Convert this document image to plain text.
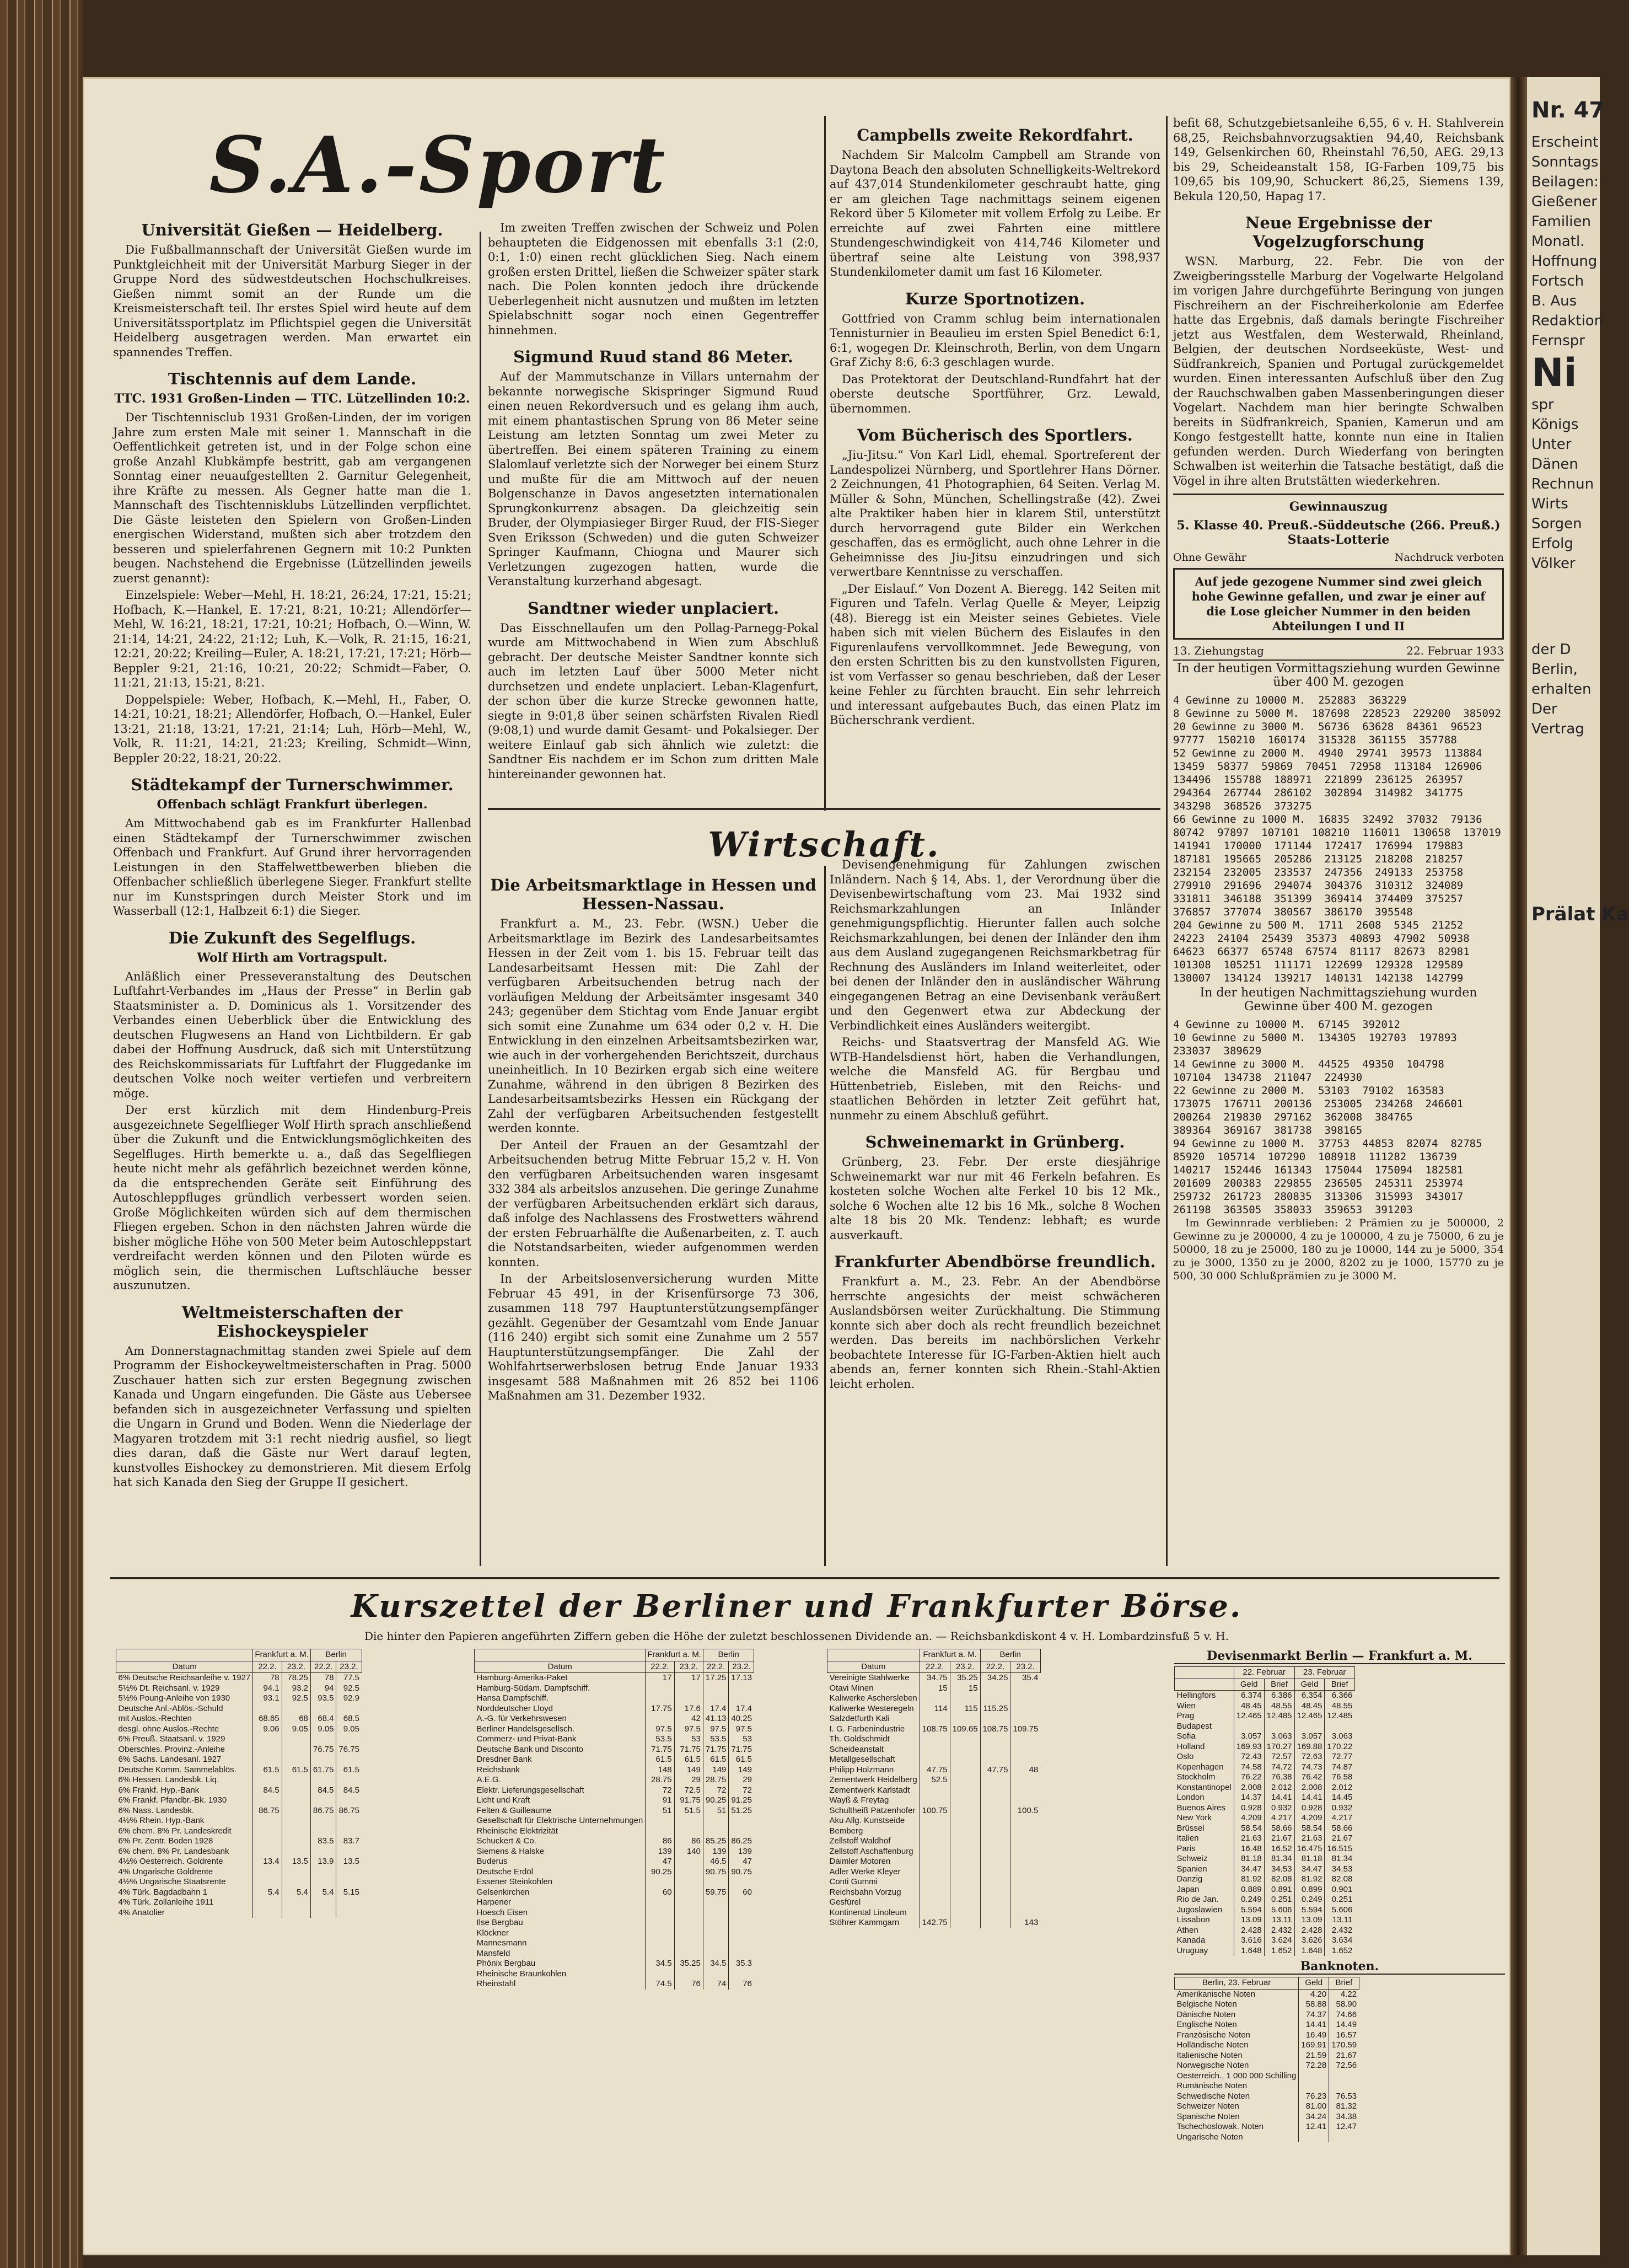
S.A.-Sport
Universität Gießen — Heidelberg.

Die Fußballmannschaft der Universität Gießen wurde im Punktgleichheit mit der Universität Marburg Sieger in der Gruppe Nord des südwestdeutschen Hochschulkreises. Gießen nimmt somit an der Runde um die Kreismeisterschaft teil. Ihr erstes Spiel wird heute auf dem Universitätssportplatz im Pflichtspiel gegen die Universität Heidelberg ausgetragen werden. Man erwartet ein spannendes Treffen.

Tischtennis auf dem Lande.
TTC. 1931 Großen-Linden — TTC. Lützellinden 10:2.

Der Tischtennisclub 1931 Großen-Linden, der im vorigen Jahre zum ersten Male mit seiner 1. Mannschaft in die Oeffentlichkeit getreten ist, und in der Folge schon eine große Anzahl Klubkämpfe bestritt, gab am vergangenen Sonntag einer neuaufgestellten 2. Garnitur Gelegenheit, ihre Kräfte zu messen. Als Gegner hatte man die 1. Mannschaft des Tischtennisklubs Lützellinden verpflichtet. Die Gäste leisteten den Spielern von Großen-Linden energischen Widerstand, mußten sich aber trotzdem den besseren und spielerfahrenen Gegnern mit 10:2 Punkten beugen. Nachstehend die Ergebnisse (Lützellinden jeweils zuerst genannt):

Einzelspiele: Weber—Mehl, H. 18:21, 26:24, 17:21, 15:21; Hofbach, K.—Hankel, E. 17:21, 8:21, 10:21; Allendörfer—Mehl, W. 16:21, 18:21, 17:21, 10:21; Hofbach, O.—Winn, W. 21:14, 14:21, 24:22, 21:12; Luh, K.—Volk, R. 21:15, 16:21, 12:21, 20:22; Kreiling—Euler, A. 18:21, 17:21, 17:21; Hörb—Beppler 9:21, 21:16, 10:21, 20:22; Schmidt—Faber, O. 11:21, 21:13, 15:21, 8:21.

Doppelspiele: Weber, Hofbach, K.—Mehl, H., Faber, O. 14:21, 10:21, 18:21; Allendörfer, Hofbach, O.—Hankel, Euler 13:21, 21:18, 13:21, 17:21, 21:14; Luh, Hörb—Mehl, W., Volk, R. 11:21, 14:21, 21:23; Kreiling, Schmidt—Winn, Beppler 20:22, 18:21, 20:22.

Städtekampf der Turnerschwimmer.
Offenbach schlägt Frankfurt überlegen.

Am Mittwochabend gab es im Frankfurter Hallenbad einen Städtekampf der Turnerschwimmer zwischen Offenbach und Frankfurt. Auf Grund ihrer hervorragenden Leistungen in den Staffelwettbewerben blieben die Offenbacher schließlich überlegene Sieger. Frankfurt stellte nur im Kunstspringen durch Meister Stork und im Wasserball (12:1, Halbzeit 6:1) die Sieger.

Die Zukunft des Segelflugs.
Wolf Hirth am Vortragspult.

Anläßlich einer Presseveranstaltung des Deutschen Luftfahrt-Verbandes im „Haus der Presse“ in Berlin gab Staatsminister a. D. Dominicus als 1. Vorsitzender des Verbandes einen Ueberblick über die Entwicklung des deutschen Flugwesens an Hand von Lichtbildern. Er gab dabei der Hoffnung Ausdruck, daß sich mit Unterstützung des Reichskommissariats für Luftfahrt der Fluggedanke im deutschen Volke noch weiter vertiefen und verbreitern möge.

Der erst kürzlich mit dem Hindenburg-Preis ausgezeichnete Segelflieger Wolf Hirth sprach anschließend über die Zukunft und die Entwicklungsmöglichkeiten des Segelfluges. Hirth bemerkte u. a., daß das Segelfliegen heute nicht mehr als gefährlich bezeichnet werden könne, da die entsprechenden Geräte seit Einführung des Autoschleppfluges gründlich verbessert worden seien. Große Möglichkeiten würden sich auf dem thermischen Fliegen ergeben. Schon in den nächsten Jahren würde die bisher mögliche Höhe von 500 Meter beim Autoschleppstart verdreifacht werden können und den Piloten würde es möglich sein, die thermischen Luftschläuche besser auszunutzen.

Weltmeisterschaften der Eishockeyspieler

Am Donnerstagnachmittag standen zwei Spiele auf dem Programm der Eishockeyweltmeisterschaften in Prag. 5000 Zuschauer hatten sich zur ersten Begegnung zwischen Kanada und Ungarn eingefunden. Die Gäste aus Uebersee befanden sich in ausgezeichneter Verfassung und spielten die Ungarn in Grund und Boden. Wenn die Niederlage der Magyaren trotzdem mit 3:1 recht niedrig ausfiel, so liegt dies daran, daß die Gäste nur Wert darauf legten, kunstvolles Eishockey zu demonstrieren. Mit diesem Erfolg hat sich Kanada den Sieg der Gruppe II gesichert.

Im zweiten Treffen zwischen der Schweiz und Polen behaupteten die Eidgenossen mit ebenfalls 3:1 (2:0, 0:1, 1:0) einen recht glücklichen Sieg. Nach einem großen ersten Drittel, ließen die Schweizer später stark nach. Die Polen konnten jedoch ihre drückende Ueberlegenheit nicht ausnutzen und mußten im letzten Spielabschnitt sogar noch einen Gegentreffer hinnehmen.

Sigmund Ruud stand 86 Meter.

Auf der Mammutschanze in Villars unternahm der bekannte norwegische Skispringer Sigmund Ruud einen neuen Rekordversuch und es gelang ihm auch, mit einem phantastischen Sprung von 86 Meter seine Leistung am letzten Sonntag um zwei Meter zu übertreffen. Bei einem späteren Training zu einem Slalomlauf verletzte sich der Norweger bei einem Sturz und mußte für die am Mittwoch auf der neuen Bolgenschanze in Davos angesetzten internationalen Sprungkonkurrenz absagen. Da gleichzeitig sein Bruder, der Olympiasieger Birger Ruud, der FIS-Sieger Sven Eriksson (Schweden) und die guten Schweizer Springer Kaufmann, Chiogna und Maurer sich Verletzungen zugezogen hatten, wurde die Veranstaltung kurzerhand abgesagt.

Sandtner wieder unplaciert.

Das Eisschnellaufen um den Pollag-Parnegg-Pokal wurde am Mittwochabend in Wien zum Abschluß gebracht. Der deutsche Meister Sandtner konnte sich auch im letzten Lauf über 5000 Meter nicht durchsetzen und endete unplaciert. Leban-Klagenfurt, der schon über die kurze Strecke gewonnen hatte, siegte in 9:01,8 über seinen schärfsten Rivalen Riedl (9:08,1) und wurde damit Gesamt- und Pokalsieger. Der weitere Einlauf gab sich ähnlich wie zuletzt: die Sandtner Eis nachdem er im Schon zum dritten Male hintereinander gewonnen hat.

Campbells zweite Rekordfahrt.

Nachdem Sir Malcolm Campbell am Strande von Daytona Beach den absoluten Schnelligkeits-Weltrekord auf 437,014 Stundenkilometer geschraubt hatte, ging er am gleichen Tage nachmittags seinem eigenen Rekord über 5 Kilometer mit vollem Erfolg zu Leibe. Er erreichte auf zwei Fahrten eine mittlere Stundengeschwindigkeit von 414,746 Kilometer und übertraf seine alte Leistung von 398,937 Stundenkilometer damit um fast 16 Kilometer.

Kurze Sportnotizen.

Gottfried von Cramm schlug beim internationalen Tennisturnier in Beaulieu im ersten Spiel Benedict 6:1, 6:1, wogegen Dr. Kleinschroth, Berlin, von dem Ungarn Graf Zichy 8:6, 6:3 geschlagen wurde.

Das Protektorat der Deutschland-Rundfahrt hat der oberste deutsche Sportführer, Grz. Lewald, übernommen.

Vom Bücherisch des Sportlers.

„Jiu-Jitsu.“ Von Karl Lidl, ehemal. Sportreferent der Landespolizei Nürnberg, und Sportlehrer Hans Dörner. 2 Zeichnungen, 41 Photographien, 64 Seiten. Verlag M. Müller & Sohn, München, Schellingstraße (42). Zwei alte Praktiker haben hier in klarem Stil, unterstützt durch hervorragend gute Bilder ein Werkchen geschaffen, das es ermöglicht, auch ohne Lehrer in die Geheimnisse des Jiu-Jitsu einzudringen und sich verwertbare Kenntnisse zu verschaffen.

„Der Eislauf.“ Von Dozent A. Bieregg. 142 Seiten mit Figuren und Tafeln. Verlag Quelle & Meyer, Leipzig (48). Bieregg ist ein Meister seines Gebietes. Viele haben sich mit vielen Büchern des Eislaufes in den Figurenlaufens vervollkommnet. Jede Bewegung, von den ersten Schritten bis zu den kunstvollsten Figuren, ist vom Verfasser so genau beschrieben, daß der Leser keine Fehler zu fürchten braucht. Ein sehr lehrreich und interessant aufgebautes Buch, das einen Platz im Bücherschrank verdient.

Wirtschaft.
Die Arbeitsmarktlage in Hessen und Hessen-Nassau.

Frankfurt a. M., 23. Febr. (WSN.) Ueber die Arbeitsmarktlage im Bezirk des Landesarbeitsamtes Hessen in der Zeit vom 1. bis 15. Februar teilt das Landesarbeitsamt Hessen mit: Die Zahl der verfügbaren Arbeitsuchenden betrug nach der vorläufigen Meldung der Arbeitsämter insgesamt 340 243; gegenüber dem Stichtag vom Ende Januar ergibt sich somit eine Zunahme um 634 oder 0,2 v. H. Die Entwicklung in den einzelnen Arbeitsamtsbezirken war, wie auch in der vorhergehenden Berichtszeit, durchaus uneinheitlich. In 10 Bezirken ergab sich eine weitere Zunahme, während in den übrigen 8 Bezirken des Landesarbeitsamtsbezirks Hessen ein Rückgang der Zahl der verfügbaren Arbeitsuchenden festgestellt werden konnte.

Der Anteil der Frauen an der Gesamtzahl der Arbeitsuchenden betrug Mitte Februar 15,2 v. H. Von den verfügbaren Arbeitsuchenden waren insgesamt 332 384 als arbeitslos anzusehen. Die geringe Zunahme der verfügbaren Arbeitsuchenden erklärt sich daraus, daß infolge des Nachlassens des Frostwetters während der ersten Februarhälfte die Außenarbeiten, z. T. auch die Notstandsarbeiten, wieder aufgenommen werden konnten.

In der Arbeitslosenversicherung wurden Mitte Februar 45 491, in der Krisenfürsorge 73 306, zusammen 118 797 Hauptunterstützungsempfänger gezählt. Gegenüber der Gesamtzahl vom Ende Januar (116 240) ergibt sich somit eine Zunahme um 2 557 Hauptunterstützungsempfänger. Die Zahl der Wohlfahrtserwerbslosen betrug Ende Januar 1933 insgesamt 588 Maßnahmen mit 26 852 bei 1106 Maßnahmen am 31. Dezember 1932.

Devisengenehmigung für Zahlungen zwischen Inländern. Nach § 14, Abs. 1, der Verordnung über die Devisenbewirtschaftung vom 23. Mai 1932 sind Reichsmarkzahlungen an Inländer genehmigungspflichtig. Hierunter fallen auch solche Reichsmarkzahlungen, bei denen der Inländer den ihm aus dem Ausland zugegangenen Reichsmarkbetrag für Rechnung des Ausländers im Inland weiterleitet, oder bei denen der Inländer den in ausländischer Währung eingegangenen Betrag an eine Devisenbank veräußert und den Gegenwert etwa zur Abdeckung der Verbindlichkeit eines Ausländers weitergibt.

Reichs- und Staatsvertrag der Mansfeld AG. Wie WTB-Handelsdienst hört, haben die Verhandlungen, welche die Mansfeld AG. für Bergbau und Hüttenbetrieb, Eisleben, mit den Reichs- und staatlichen Behörden in letzter Zeit geführt hat, nunmehr zu einem Abschluß geführt.

Schweinemarkt in Grünberg.

Grünberg, 23. Febr. Der erste diesjährige Schweinemarkt war nur mit 46 Ferkeln befahren. Es kosteten solche Wochen alte Ferkel 10 bis 12 Mk., solche 6 Wochen alte 12 bis 16 Mk., solche 8 Wochen alte 18 bis 20 Mk. Tendenz: lebhaft; es wurde ausverkauft.

Frankfurter Abendbörse freundlich.

Frankfurt a. M., 23. Febr. An der Abendbörse herrschte angesichts der meist schwächeren Auslandsbörsen weiter Zurückhaltung. Die Stimmung konnte sich aber doch als recht freundlich bezeichnet werden. Das bereits im nachbörslichen Verkehr beobachtete Interesse für IG-Farben-Aktien hielt auch abends an, ferner konnten sich Rhein.-Stahl-Aktien leicht erholen.

befit 68, Schutzgebietsanleihe 6,55, 6 v. H. Stahlverein 68,25, Reichsbahnvorzugsaktien 94,40, Reichsbank 149, Gelsenkirchen 60, Rheinstahl 76,50, AEG. 29,13 bis 29, Scheidеanstalt 158, IG-Farben 109,75 bis 109,65 bis 109,90, Schuckert 86,25, Siemens 139, Bekula 120,50, Hapag 17.

Neue Ergebnisse der Vogelzugforschung

WSN. Marburg, 22. Febr. Die von der Zweigberingsstelle Marburg der Vogelwarte Helgoland im vorigen Jahre durchgeführte Beringung von jungen Fischreihern an der Fischreiherkolonie am Ederfee hatte das Ergebnis, daß damals beringte Fischreiher jetzt aus Westfalen, dem Westerwald, Rheinland, Belgien, der deutschen Nordseeküste, West- und Südfrankreich, Spanien und Portugal zurückgemeldet wurden. Einen interessanten Aufschluß über den Zug der Rauchschwalben gaben Massenberingungen dieser Vogelart. Nachdem man hier beringte Schwalben bereits in Südfrankreich, Spanien, Kamerun und am Kongo festgestellt hatte, konnte nun eine in Italien gefunden werden. Durch Wiederfang von beringten Schwalben ist weiterhin die Tatsache bestätigt, daß die Vögel in ihre alten Brutstätten wiederkehren.

Gewinnauszug
5. Klasse 40. Preuß.-Süddeutsche (266. Preuß.) Staats-Lotterie
Ohne Gewähr	Nachdruck verboten
Auf jede gezogene Nummer sind zwei gleich hohe Gewinne gefallen, und zwar je einer auf die Lose gleicher Nummer in den beiden Abteilungen I und II
13. Ziehungstag	22. Februar 1933
In der heutigen Vormittagsziehung wurden Gewinne über 400 M. gezogen
4 Gewinne zu 10000 M.  252883  363229
8 Gewinne zu 5000 M.  187698  228523  229200  385092
20 Gewinne zu 3000 M.  56736  63628  84361  96523
97777  150210  160174  315328  361155  357788
52 Gewinne zu 2000 M.  4940  29741  39573  113884
13459  58377  59869  70451  72958  113184  126906
134496  155788  188971  221899  236125  263957
294364  267744  286102  302894  314982  341775
343298  368526  373275

66 Gewinne zu 1000 M.  16835  32492  37032  79136
80742  97897  107101  108210  116011  130658  137019
141941  170000  171144  172417  176994  179883
187181  195665  205286  213125  218208  218257
232154  232005  233537  247356  249133  253758
279910  291696  294074  304376  310312  324089
331811  346188  351399  369414  374409  375257
376857  377074  380567  386170  395548
204 Gewinne zu 500 M.  1711  2608  5345  21252
24223  24104  25439  35373  40893  47902  50938
64623  66377  65748  67574  81117  82673  82981
101308  105251  111171  122699  129328  129589
130007  134124  139217  140131  142138  142799
In der heutigen Nachmittagsziehung wurden Gewinne über 400 M. gezogen
4 Gewinne zu 10000 M.  67145  392012
10 Gewinne zu 5000 M.  134305  192703  197893
233037  389629
14 Gewinne zu 3000 M.  44525  49350  104798
107104  134738  211047  224930
22 Gewinne zu 2000 M.  53103  79102  163583
173075  176711  200136  253005  234268  246601
200264  219830  297162  362008  384765
389364  369167  381738  398165
94 Gewinne zu 1000 M.  37753  44853  82074  82785
85920  105714  107290  108918  111282  136739
140217  152446  161343  175044  175094  182581
201609  200383  229855  236505  245311  253974
259732  261723  280835  313306  315993  343017
261198  363505  358033  359653  391203

Im Gewinnrade verblieben: 2 Prämien zu je 500000, 2 Gewinne zu je 200000, 4 zu je 100000, 4 zu je 75000, 6 zu je 50000, 18 zu je 25000, 180 zu je 10000, 144 zu je 5000, 354 zu je 3000, 1350 zu je 2000, 8202 zu je 1000, 15770 zu je 500, 30 000 Schlußprämien zu je 3000 M.

Kurszettel der Berliner und Frankfurter Börse.
Die hinter den Papieren angeführten Ziffern geben die Höhe der zuletzt beschlossenen Dividende an. — Reichsbankdiskont 4 v. H. Lombardzinsfuß 5 v. H.
	Frankfurt a. M.		Berlin	
Datum	22.2.	23.2.	22.2.	23.2.
6% Deutsche Reichsanleihe v. 1927	78	78.25	78	77.5
5½% Dt. Reichsanl. v. 1929	94.1	93.2	94	92.5
5½% Poung-Anleihe von 1930	93.1	92.5	93.5	92.9
Deutsche Anl.-Ablös.-Schuld				
mit Auslos.-Rechten	68.65	68	68.4	68.5
desgl. ohne Auslos.-Rechte	9.06	9.05	9.05	9.05
6% Preuß. Staatsanl. v. 1929				
Oberschles. Provinz.-Anleihe			76.75	76.75
6% Sachs. Landesanl. 1927				
Deutsche Komm. Sammelablös.	61.5	61.5	61.75	61.5
6% Hessen. Landesbk. Liq.				
6% Frankf. Hyp.-Bank	84.5		84.5	84.5
6% Frankf. Pfandbr.-Bk. 1930				
6% Nass. Landesbk.	86.75		86.75	86.75
4½% Rhein. Hyp.-Bank				
6% chem. 8% Pr. Landeskredit				
6% Pr. Zentr. Boden 1928			83.5	83.7
6% chem. 8% Pr. Landesbank				
4½% Oesterreich. Goldrente	13.4	13.5	13.9	13.5
4% Ungarische Goldrente				
4½% Ungarische Staatsrente				
4% Türk. Bagdadbahn 1	5.4	5.4	5.4	5.15
4% Türk. Zollanleihe 1911				
4% Anatolier				
	Frankfurt a. M.		Berlin	
Datum	22.2.	23.2.	22.2.	23.2.
Hamburg-Amerika-Paket	17	17	17.25	17.13
Hamburg-Südam. Dampfschiff.				
Hansa Dampfschiff.				
Norddeutscher Lloyd	17.75	17.6	17.4	17.4
A.-G. für Verkehrswesen		42	41.13	40.25
Berliner Handelsgesellsch.	97.5	97.5	97.5	97.5
Commerz- und Privat-Bank	53.5	53	53.5	53
Deutsche Bank und Disconto	71.75	71.75	71.75	71.75
Dresdner Bank	61.5	61.5	61.5	61.5
Reichsbank	148	149	149	149
A.E.G.	28.75	29	28.75	29
Elektr. Lieferungsgesellschaft	72	72.5	72	72
Licht und Kraft	91	91.75	90.25	91.25
Felten & Guilleaume	51	51.5	51	51.25
Gesellschaft für Elektrische Unternehmungen				
Rheinische Elektrizität				
Schuckert & Co.	86	86	85.25	86.25
Siemens & Halske	139	140	139	139
Buderus	47		46.5	47
Deutsche Erdöl	90.25		90.75	90.75
Essener Steinkohlen				
Gelsenkirchen	60		59.75	60
Harpener				
Hoesch Eisen				
Ilse Bergbau				
Klöckner				
Mannesmann				
Mansfeld				
Phönix Bergbau	34.5	35.25	34.5	35.3
Rheinische Braunkohlen				
Rheinstahl	74.5	76	74	76
	Frankfurt a. M.		Berlin	
Datum	22.2.	23.2.	22.2.	23.2.
Vereinigte Stahlwerke	34.75	35.25	34.25	35.4
Otavi Minen	15	15		
Kaliwerke Aschersleben				
Kaliwerke Westeregeln	114	115	115.25	
Salzdetfurth Kali				
I. G. Farbenindustrie	108.75	109.65	108.75	109.75
Th. Goldschmidt				
Scheideanstalt				
Metallgesellschaft				
Philipp Holzmann	47.75		47.75	48
Zementwerk Heidelberg	52.5			
Zementwerk Karlstadt				
Wayß & Freytag				
Schultheiß Patzenhofer	100.75			100.5
Aku Allg. Kunstseide				
Bemberg				
Zellstoff Waldhof				
Zellstoff Aschaffenburg				
Daimler Motoren				
Adler Werke Kleyer				
Conti Gummi				
Reichsbahn Vorzug				
Gesfürel				
Kontinental Linoleum				
Stöhrer Kammgarn	142.75			143
Devisenmarkt Berlin — Frankfurt a. M.
	22. Februar		23. Februar	
	Geld	Brief	Geld	Brief
Hellingfors	6.374	6.386	6.354	6.366
Wien	48.45	48.55	48.45	48.55
Prag	12.465	12.485	12.465	12.485
Budapest				
Sofia	3.057	3.063	3.057	3.063
Holland	169.93	170.27	169.88	170.22
Oslo	72.43	72.57	72.63	72.77
Kopenhagen	74.58	74.72	74.73	74.87
Stockholm	76.22	76.38	76.42	76.58
Konstantinopel	2.008	2.012	2.008	2.012
London	14.37	14.41	14.41	14.45
Buenos Aires	0.928	0.932	0.928	0.932
New York	4.209	4.217	4.209	4.217
Brüssel	58.54	58.66	58.54	58.66
Italien	21.63	21.67	21.63	21.67
Paris	16.48	16.52	16.475	16.515
Schweiz	81.18	81.34	81.18	81.34
Spanien	34.47	34.53	34.47	34.53
Danzig	81.92	82.08	81.92	82.08
Japan	0.889	0.891	0.899	0.901
Rio de Jan.	0.249	0.251	0.249	0.251
Jugoslawien	5.594	5.606	5.594	5.606
Lissabon	13.09	13.11	13.09	13.11
Athen	2.428	2.432	2.428	2.432
Kanada	3.616	3.624	3.626	3.634
Uruguay	1.648	1.652	1.648	1.652
Banknoten.
Berlin, 23. Februar	Geld	Brief
Amerikanische Noten	4.20	4.22
Belgische Noten	58.88	58.90
Dänische Noten	74.37	74.66
Englische Noten	14.41	14.49
Französische Noten	16.49	16.57
Holländische Noten	169.91	170.59
Italienische Noten	21.59	21.67
Norwegische Noten	72.28	72.56
Oesterreich., 1 000 000 Schilling		
Rumänische Noten		
Schwedische Noten	76.23	76.53
Schweizer Noten	81.00	81.32
Spanische Noten	34.24	34.38
Tschechoslowak. Noten	12.41	12.47
Ungarische Noten		
Nr. 47
Erscheint
Sonntags
Beilagen:
Gießener
Familien
Monatl.
Hoffnung
Fortsch
B. Aus
Redaktion
Fernspr
Ni
spr
Königs
Unter
Dänen
Rechnun
Wirts
Sorgen
Erfolg
Völker
der D
Berlin,
erhalten
Der
Vertrag
Prälat Ka
